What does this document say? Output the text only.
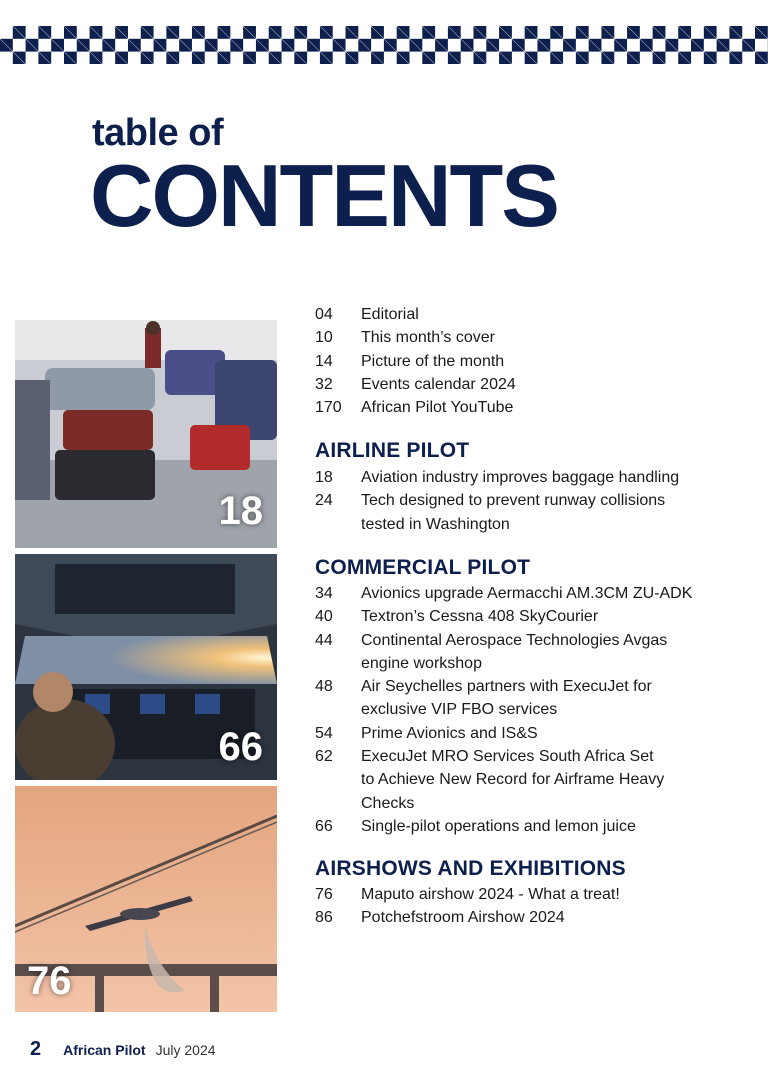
table of
CONTENTS
18
66
76
04	Editorial
10	This month’s cover
14	Picture of the month
32	Events calendar 2024
170	African Pilot YouTube
AIRLINE PILOT
18	Aviation industry improves baggage handling
24	Tech designed to prevent runway collisions tested in Washington
COMMERCIAL PILOT
34	Avionics upgrade Aermacchi AM.3CM ZU-ADK
40	Textron’s Cessna 408 SkyCourier
44	Continental Aerospace Technologies Avgas engine workshop
48	Air Seychelles partners with ExecuJet for exclusive VIP FBO services
54	Prime Avionics and IS&S
62	ExecuJet MRO Services South Africa Set to Achieve New Record for Airframe Heavy Checks
66	Single-pilot operations and lemon juice
AIRSHOWS AND EXHIBITIONS
76	Maputo airshow 2024 - What a treat!
86	Potchefstroom Airshow 2024
2 African Pilot July 2024
